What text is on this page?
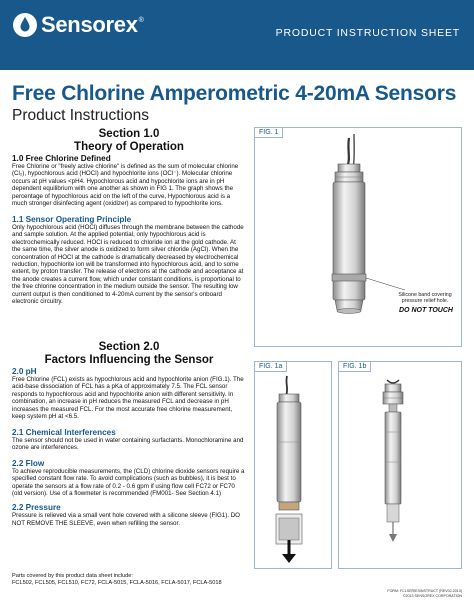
Sensorex ®
PRODUCT INSTRUCTION SHEET
Free Chlorine Amperometric 4-20mA Sensors
Product Instructions
Section 1.0
Theory of Operation
1.0 Free Chlorine Defined

Free Chlorine or "freely active chlorine" is defined as the sum of molecular chlorine (Cl₂), hypochlorous acid (HOCl) and hypochlorite ions (OCl⁻). Molecular chlorine occurs at pH values <pH4. Hypochlorous acid and hypochlorite ions are in pH dependent equilibrium with one another as shown in FIG 1. The graph shows the percentage of hypochlorous acid on the left of the curve, Hypochlorous acid is a much stronger disinfecting agent (oxidizer) as compared to hypochlorite ions.

1.1 Sensor Operating Principle

Only hypochlorous acid (HOCl) diffuses through the membrane between the cathode and sample solution. At the applied potential, only hypochlorous acid is electrochemically reduced. HOCl is reduced to chloride ion at the gold cathode. At the same time, the silver anode is oxidized to form silver chloride (AgCl). When the concentration of HOCl at the cathode is dramatically decreased by electrochemical reduction, hypochlorite ion will be transformed into hypochlorous acid, and to some extent, by proton transfer. The release of electrons at the cathode and acceptance at the anode creates a current flow, which under constant conditions, is proportional to the free chlorine concentration in the medium outside the sensor. The resulting low current output is then conditioned to 4-20mA current by the sensor's onboard electronic circuitry.

Section 2.0
Factors Influencing the Sensor
2.0 pH

Free Chlorine (FCL) exists as hypochlorous acid and hypochlorite anion (FIG.1). The acid-base dissociation of FCL has a pKa of approximately 7.5. The FCL sensor responds to hypochlorous acid and hypochlorite anion with different sensitivity. In combination, an increase in pH reduces the measured FCL and decrease in pH increases the measured FCL. For the most accurate free chlorine measurement, keep system pH at <6.5.

2.1 Chemical Interferences

The sensor should not be used in water containing surfactants. Monochloramine and ozone are interferences.

2.2 Flow

To achieve reproducible measurements, the (CLD) chlorine dioxide sensors require a specified constant flow rate. To avoid complications (such as bubbles), it is best to operate the sensors at a flow rate of 0.2 - 0.6 gpm if using flow cell FC72 or FC70 (old version). Use of a flowmeter is recommended (FM001- See Section 4.1)

2.2 Pressure

Pressure is relieved via a small vent hole covered with a silicone sleeve (FIG1). DO NOT REMOVE THE SLEEVE, even when refilling the sensor.

FIG. 1
Silicone band covering pressure relief hole.
DO NOT TOUCH
FIG. 1a	FIG. 1b
Parts covered by this product data sheet include:
FCL502, FCL505, FCL510, FC72, FCLA-5015, FCLA-5016, FCLA-5017, FCLA-5018
FORM: FCLSERIESINSTRUCT (REV02-2013)
©2013 SENSOREX CORPORATION
